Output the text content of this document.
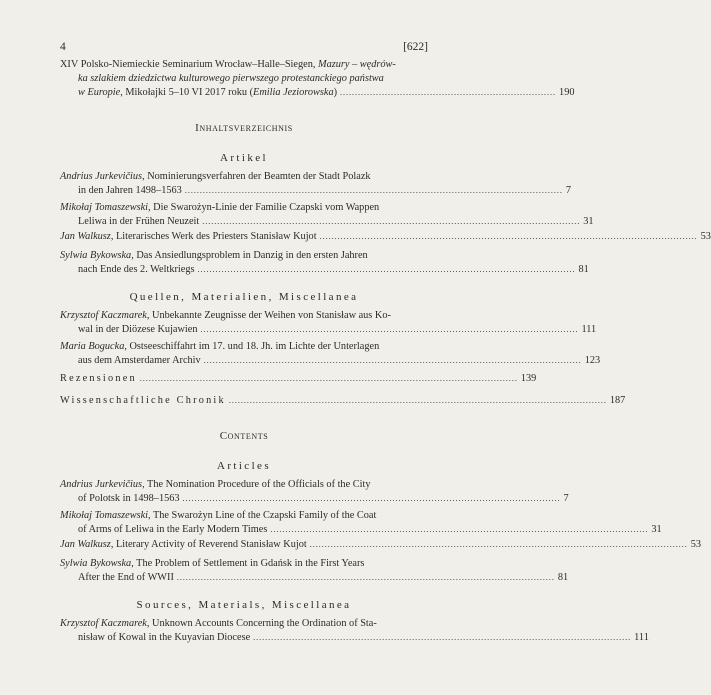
4	[622]
XIV Polsko-Niemieckie Seminarium Wrocław–Halle–Siegen, Mazury – wędrów-
ka szlakiem dziedzictwa kulturowego pierwszego protestanckiego państwa
w Europie, Mikołajki 5–10 VI 2017 roku (Emilia Jeziorowska) ........................................................................ 190
Inhaltsverzeichnis
Artikel
Andrius Jurkevičius, Nominierungsverfahren der Beamten der Stadt Polazk
in den Jahren 1498–1563 .............................................................................................................................. 7
Mikołaj Tomaszewski, Die Swarożyn-Linie der Familie Czapski vom Wappen
Leliwa in der Frühen Neuzeit .............................................................................................................................. 31
Jan Walkusz, Literarisches Werk des Priesters Stanisław Kujot .............................................................................................................................. 53
Sylwia Bykowska, Das Ansiedlungsproblem in Danzig in den ersten Jahren
nach Ende des 2. Weltkriegs .............................................................................................................................. 81
Quellen, Materialien, Miscellanea
Krzysztof Kaczmarek, Unbekannte Zeugnisse der Weihen von Stanisław aus Ko-
wal in der Diözese Kujawien .............................................................................................................................. 111
Maria Bogucka, Ostseeschiffahrt im 17. und 18. Jh. im Lichte der Unterlagen
aus dem Amsterdamer Archiv .............................................................................................................................. 123
Rezensionen .............................................................................................................................. 139
Wissenschaftliche Chronik .............................................................................................................................. 187
Contents
Articles
Andrius Jurkevičius, The Nomination Procedure of the Officials of the City
of Polotsk in 1498–1563 .............................................................................................................................. 7
Mikołaj Tomaszewski, The Swarożyn Line of the Czapski Family of the Coat
of Arms of Leliwa in the Early Modern Times .............................................................................................................................. 31
Jan Walkusz, Literary Activity of Reverend Stanisław Kujot .............................................................................................................................. 53
Sylwia Bykowska, The Problem of Settlement in Gdańsk in the First Years
After the End of WWII .............................................................................................................................. 81
Sources, Materials, Miscellanea
Krzysztof Kaczmarek, Unknown Accounts Concerning the Ordination of Sta-
nisław of Kowal in the Kuyavian Diocese .............................................................................................................................. 111
